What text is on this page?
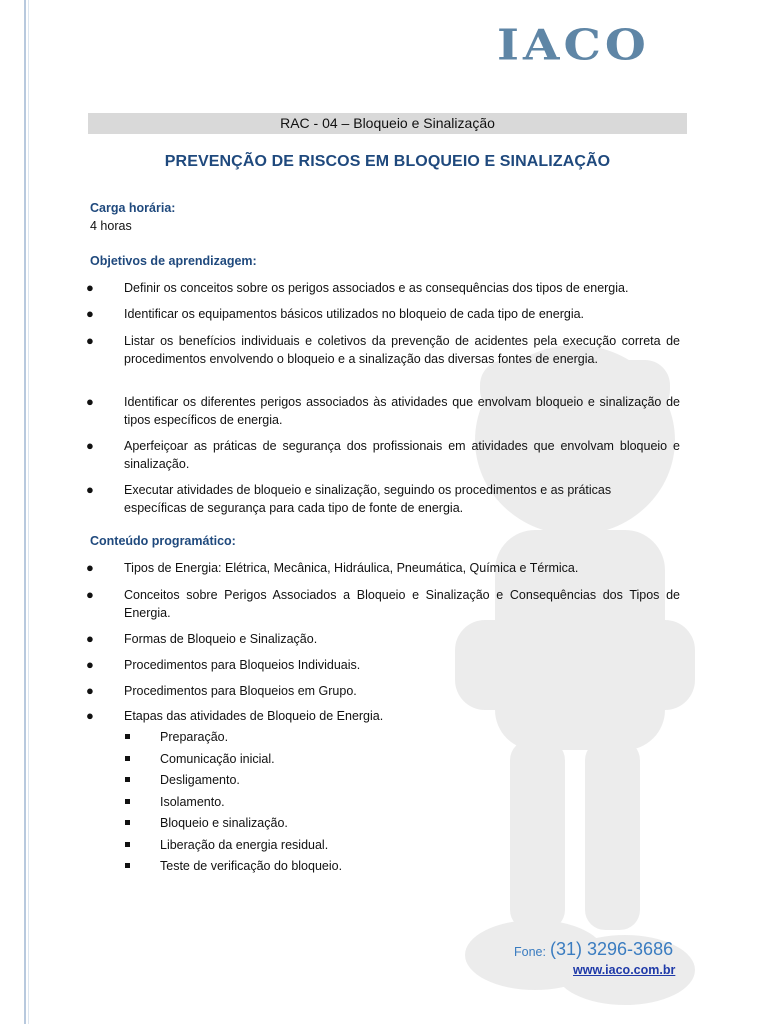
IACO
RAC - 04 – Bloqueio e Sinalização
PREVENÇÃO DE RISCOS EM BLOQUEIO E SINALIZAÇÃO
Carga horária:
4 horas
Objetivos de aprendizagem:
● Definir os conceitos sobre os perigos associados e as consequências dos tipos de energia.
● Identificar os equipamentos básicos utilizados no bloqueio de cada tipo de energia.
● Listar os benefícios individuais e coletivos da prevenção de acidentes pela execução correta de procedimentos envolvendo o bloqueio e a sinalização das diversas fontes de energia.
● Identificar os diferentes perigos associados às atividades que envolvam bloqueio e sinalização de tipos específicos de energia.
● Aperfeiçoar as práticas de segurança dos profissionais em atividades que envolvam bloqueio e sinalização.
● Executar atividades de bloqueio e sinalização, seguindo os procedimentos e as práticas específicas de segurança para cada tipo de fonte de energia.
Conteúdo programático:
● Tipos de Energia: Elétrica, Mecânica, Hidráulica, Pneumática, Química e Térmica.
● Conceitos sobre Perigos Associados a Bloqueio e Sinalização e Consequências dos Tipos de Energia.
● Formas de Bloqueio e Sinalização.
● Procedimentos para Bloqueios Individuais.
● Procedimentos para Bloqueios em Grupo.
● Etapas das atividades de Bloqueio de Energia.
Preparação.
Comunicação inicial.
Desligamento.
Isolamento.
Bloqueio e sinalização.
Liberação da energia residual.
Teste de verificação do bloqueio.
Fone: (31) 3296-3686
www.iaco.com.br
